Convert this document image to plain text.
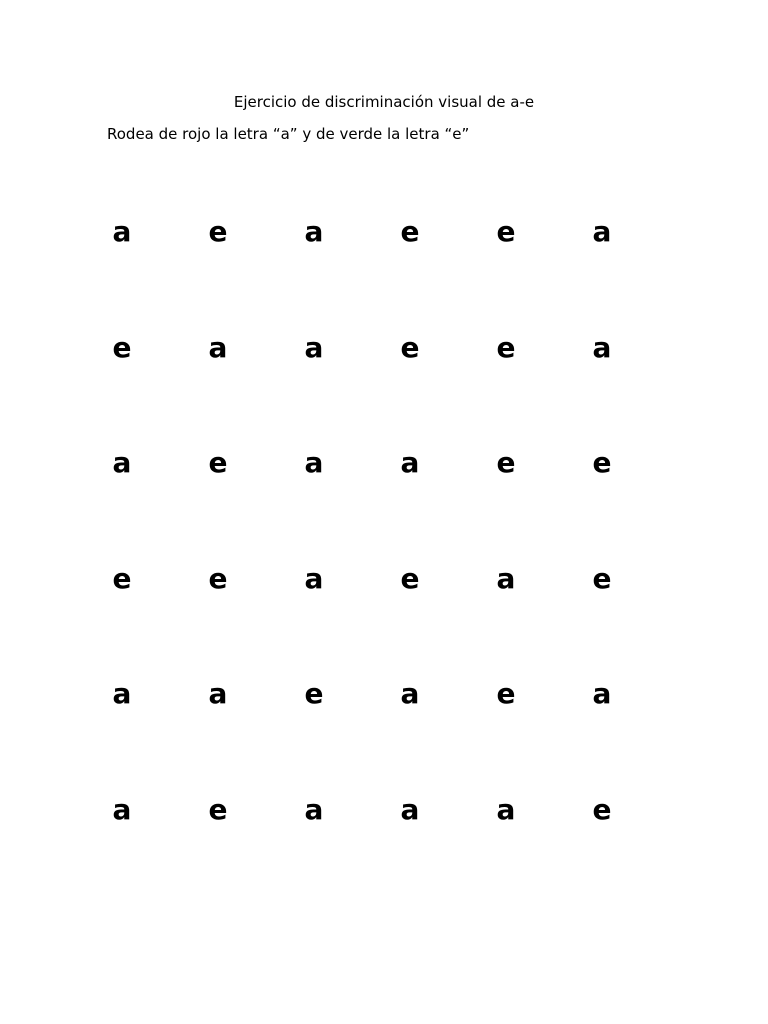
Ejercicio de discriminación visual de a-e
Rodea de rojo la letra “a” y de verde la letra “e”
a	e	a	e	e	a
e	a	a	e	e	a
a	e	a	a	e	e
e	e	a	e	a	e
a	a	e	a	e	a
a	e	a	a	a	e
